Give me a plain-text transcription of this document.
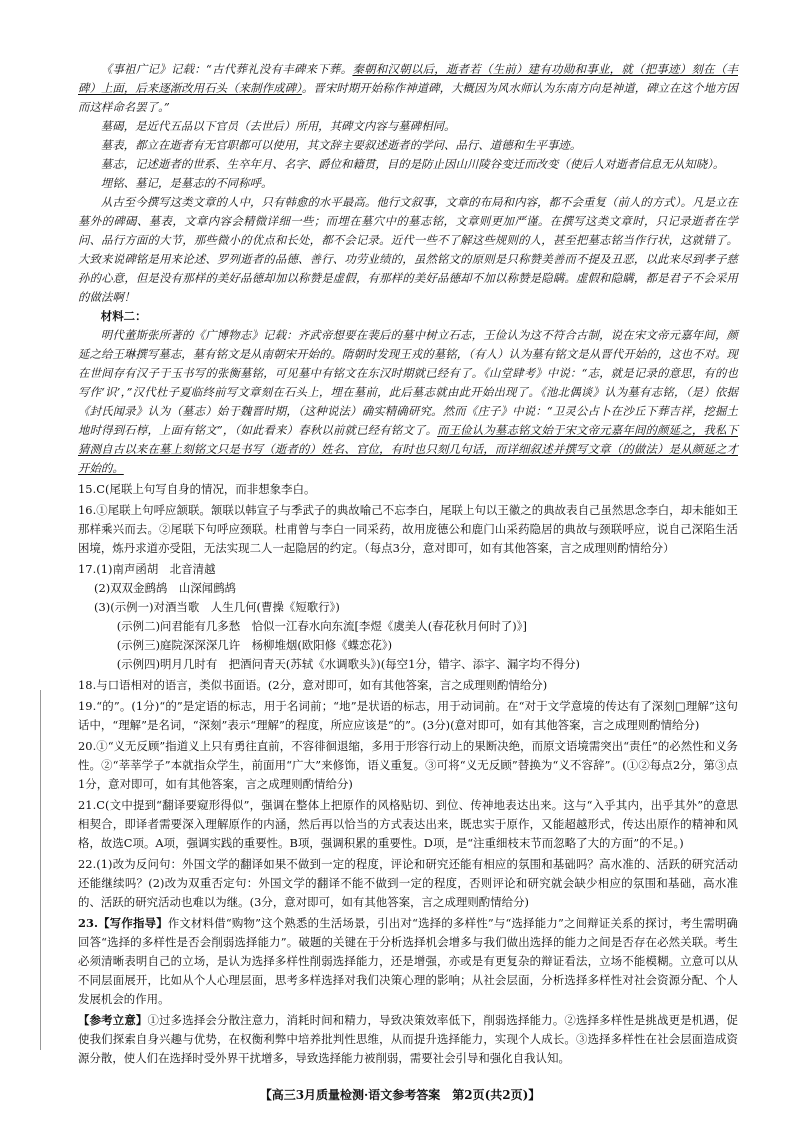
《事祖广记》记载：“古代葬礼没有丰碑来下葬。秦朝和汉朝以后，逝者若（生前）建有功勋和事业，就（把事迹）刻在（丰碑）上面，后来逐渐改用石头（来制作成碑）。晋宋时期开始称作神道碑，大概因为风水师认为东南方向是神道，碑立在这个地方因而这样命名罢了。”

墓碣，是近代五品以下官员（去世后）所用，其碑文内容与墓碑相同。

墓表，都立在逝者有无官职都可以使用，其文辞主要叙述逝者的学问、品行、道德和生平事迹。

墓志，记述逝者的世系、生卒年月、名字、爵位和籍贯，目的是防止因山川陵谷变迁而改变（使后人对逝者信息无从知晓）。

埋铭、墓记，是墓志的不同称呼。

从古至今撰写这类文章的人中，只有韩愈的水平最高。他行文叙事，文章的布局和内容，都不会重复（前人的方式）。凡是立在墓外的碑碣、墓表，文章内容会精微详细一些；而埋在墓穴中的墓志铭，文章则更加严谨。在撰写这类文章时，只记录逝者在学问、品行方面的大节，那些微小的优点和长处，都不会记录。近代一些不了解这些规则的人，甚至把墓志铭当作行状，这就错了。大致来说碑铭是用来论述、罗列逝者的品德、善行、功劳业绩的，虽然铭文的原则是只称赞美善而不提及丑恶，以此来尽到孝子慈孙的心意，但是没有那样的美好品德却加以称赞是虚假，有那样的美好品德却不加以称赞是隐瞒。虚假和隐瞒，都是君子不会采用的做法啊！

材料二：

明代董斯张所著的《广博物志》记载：齐武帝想要在裴后的墓中树立石志，王俭认为这不符合古制，说在宋文帝元嘉年间，颜延之给王琳撰写墓志，墓有铭文是从南朝宋开始的。隋朝时发现王戎的墓铭，（有人）认为墓有铭文是从晋代开始的，这也不对。现在世间存有汉子于玉书写的张衡墓铭，可见墓中有铭文在东汉时期就已经有了。《山堂肆考》中说：“志，就是记录的意思，有的也写作‘识’，”汉代杜子夏临终前写文章刻在石头上，埋在墓前，此后墓志就由此开始出现了。《池北偶谈》认为墓有志铭，（是）依据《封氏闻录》认为（墓志）始于魏晋时期，（这种说法）确实精确研究。然而《庄子》中说：“卫灵公占卜在沙丘下葬吉祥，挖掘土地时得到石椁，上面有铭文”，（如此看来）春秋以前就已经有铭文了。而王俭认为墓志铭文始于宋文帝元嘉年间的颜延之，我私下猜测自古以来在墓上刻铭文只是书写（逝者的）姓名、官位，有时也只刻几句话，而详细叙述并撰写文章（的做法）是从颜延之才开始的。

15.C(尾联上句写自身的情况，而非想象李白。

16.①尾联上句呼应颔联。颔联以韩宣子与季武子的典故喻己不忘李白，尾联上句以王徽之的典故表自己虽然思念李白，却未能如王那样乘兴而去。②尾联下句呼应颈联。杜甫曾与李白一同采药，故用庞德公和鹿门山采药隐居的典故与颈联呼应，说自己深陷生活困境，炼丹求道亦受阻，无法实现二人一起隐居的约定。（每点3分，意对即可，如有其他答案，言之成理则酌情给分）

17.(1)南声函胡　北音清越

(2)双双金鹧鸪　山深闻鹧鸪

(3)(示例一)对酒当歌　人生几何(曹操《短歌行》)

(示例二)问君能有几多愁　恰似一江春水向东流[李煜《虞美人(春花秋月何时了)》]

(示例三)庭院深深深几许　杨柳堆烟(欧阳修《蝶恋花》)

(示例四)明月几时有　把酒问青天(苏轼《水调歌头》)(每空1分，错字、添字、漏字均不得分)

18.与口语相对的语言，类似书面语。(2分，意对即可，如有其他答案，言之成理则酌情给分)

19.“的”。(1分)“的”是定语的标志，用于名词前；“地”是状语的标志，用于动词前。在“对于文学意境的传达有了深刻□理解”这句话中，“理解”是名词，“深刻”表示“理解”的程度，所应应该是“的”。(3分)(意对即可，如有其他答案，言之成理则酌情给分)

20.①“义无反顾”指道义上只有勇往直前，不容徘徊退缩，多用于形容行动上的果断决绝，而原文语境需突出“责任”的必然性和义务性。②“莘莘学子”本就指众学生，前面用“广大”来修饰，语义重复。③可将“义无反顾”替换为“义不容辞”。(①②每点2分，第③点1分，意对即可，如有其他答案，言之成理则酌情给分)

21.C(文中提到“翻译要窥形得似”，强调在整体上把原作的风格贴切、到位、传神地表达出来。这与“入乎其内，出乎其外”的意思相契合，即译者需要深入理解原作的内涵，然后再以恰当的方式表达出来，既忠实于原作，又能超越形式，传达出原作的精神和风格，故选C项。A项，强调实践的重要性。B项，强调积累的重要性。D项，是“注重细枝末节而忽略了大的方面”的不足。)

22.(1)改为反问句：外国文学的翻译如果不做到一定的程度，评论和研究还能有相应的氛围和基础吗？高水准的、活跃的研究活动还能继续吗？(2)改为双重否定句：外国文学的翻译不能不做到一定的程度，否则评论和研究就会缺少相应的氛围和基础，高水准的、活跃的研究活动也难以为继。(3分，意对即可，如有其他答案，言之成理则酌情给分)

23.【写作指导】作文材料借“购物”这个熟悉的生活场景，引出对“选择的多样性”与“选择能力”之间辩证关系的探讨，考生需明确回答“选择的多样性是否会削弱选择能力”。破题的关键在于分析选择机会增多与我们做出选择的能力之间是否存在必然关联。考生必须清晰表明自己的立场，是认为选择多样性削弱选择能力，还是增强，亦或是有更复杂的辩证看法，立场不能模糊。立意可以从不同层面展开，比如从个人心理层面，思考多样选择对我们决策心理的影响；从社会层面，分析选择多样性对社会资源分配、个人发展机会的作用。

【参考立意】①过多选择会分散注意力，消耗时间和精力，导致决策效率低下，削弱选择能力。②选择多样性是挑战更是机遇，促使我们探索自身兴趣与优势，在权衡利弊中培养批判性思维，从而提升选择能力，实现个人成长。③选择多样性在社会层面造成资源分散，使人们在选择时受外界干扰增多，导致选择能力被削弱，需要社会引导和强化自我认知。

【高三3月质量检测·语文参考答案　第2页(共2页)】
